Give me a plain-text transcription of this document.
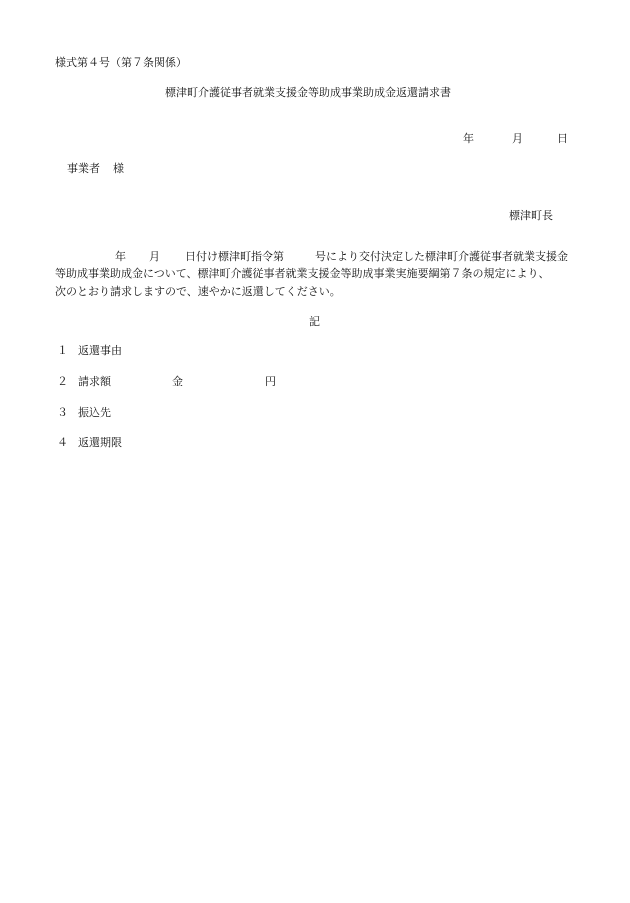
様式第４号（第７条関係）
標津町介護従事者就業支援金等助成事業助成金返還請求書
年	月	日
事業者 様
標津町長
年 月 日付け標津町指令第	号により交付決定した標津町介護従事者就業支援金
等助成事業助成金について、標津町介護従事者就業支援金等助成事業実施要綱第７条の規定により、
次のとおり請求しますので、速やかに返還してください。
記
１ 返還事由
２ 請求額	金	円
３ 振込先
４ 返還期限
